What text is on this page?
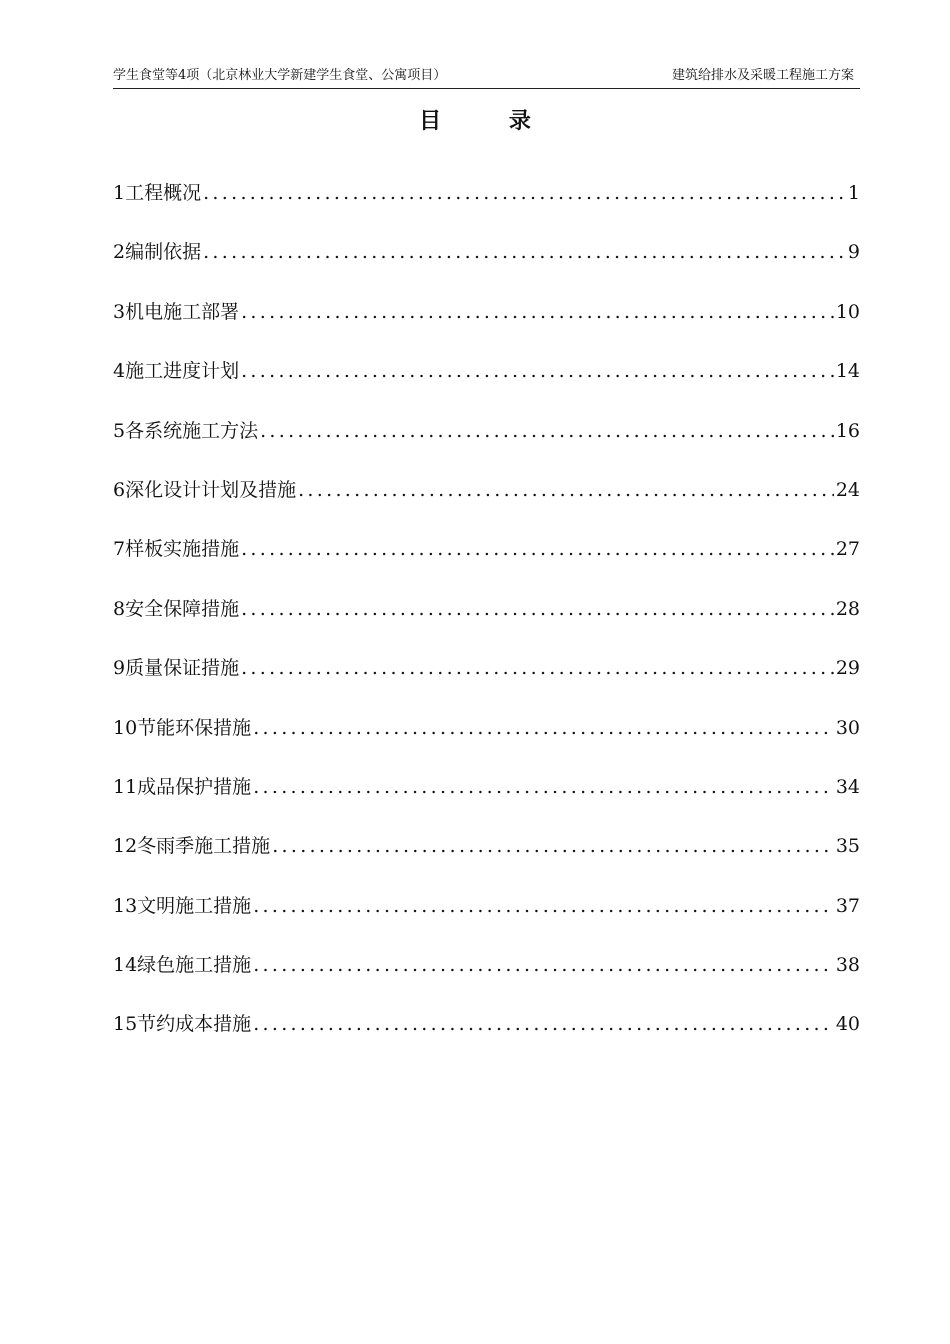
学生食堂等4项（北京林业大学新建学生食堂、公寓项目）	建筑给排水及采暖工程施工方案
目 录
1工程概况 .....	1
2编制依据 .....	9
3机电施工部署 .....	10
4施工进度计划 .....	14
5各系统施工方法 .....	16
6深化设计计划及措施 .....	24
7样板实施措施 .....	27
8安全保障措施 .....	28
9质量保证措施 .....	29
10节能环保措施 .....	30
11成品保护措施 .....	34
12冬雨季施工措施 .....	35
13文明施工措施 .....	37
14绿色施工措施 .....	38
15节约成本措施 .....	40
